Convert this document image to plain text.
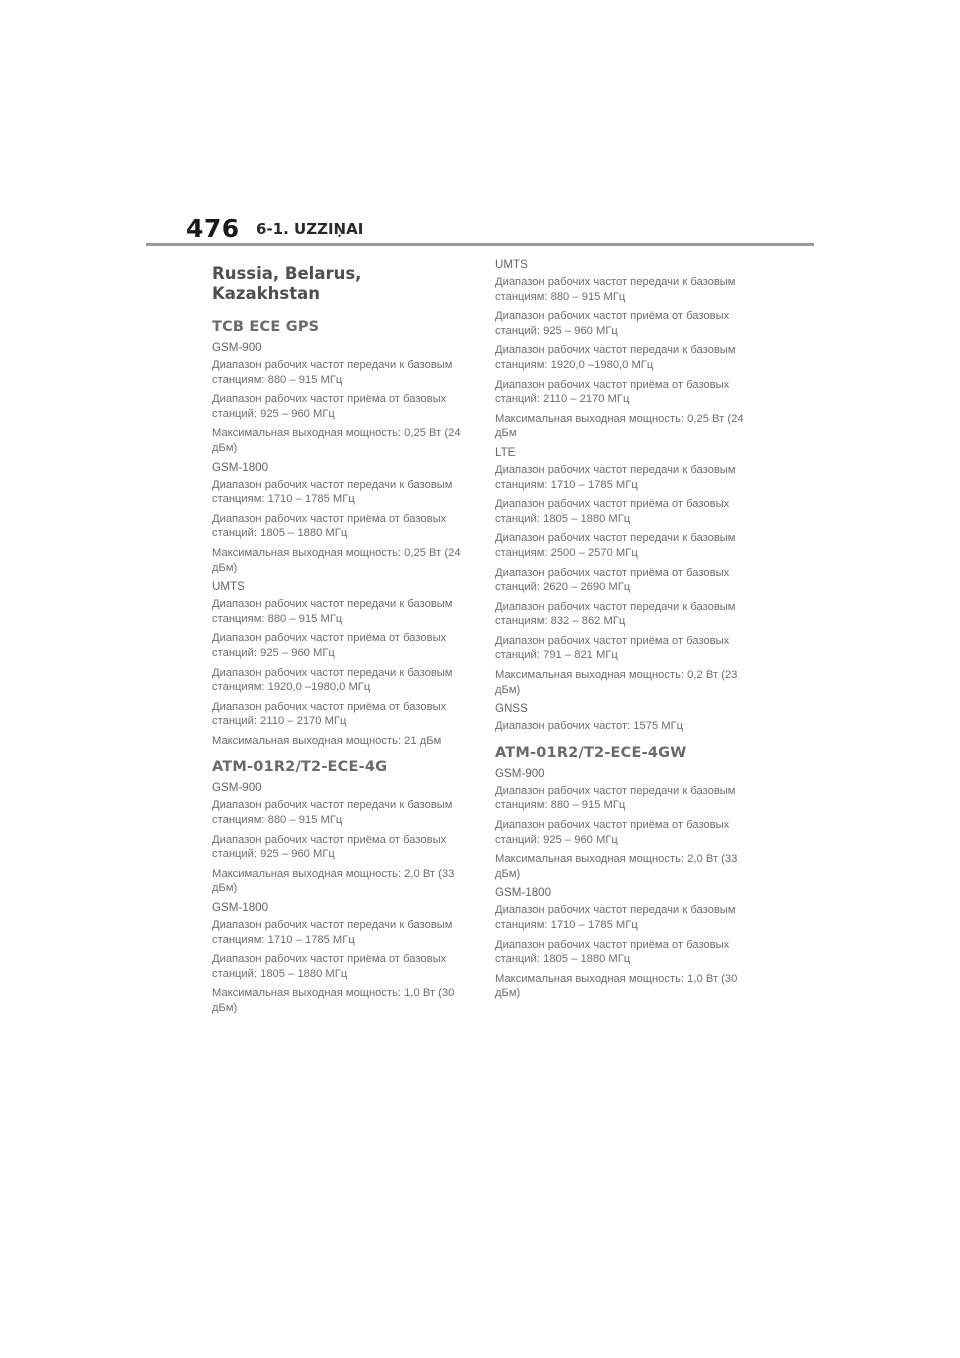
476 6-1. UZZIŅAI
Russia, Belarus, Kazakhstan
TCB ECE GPS
GSM-900
Диапазон рабочих частот передачи к базовым станциям: 880 – 915 МГц
Диапазон рабочих частот приёма от базовых станций: 925 – 960 МГц
Максимальная выходная мощность: 0,25 Вт (24 дБм)
GSM-1800
Диапазон рабочих частот передачи к базовым станциям: 1710 – 1785 МГц
Диапазон рабочих частот приёма от базовых станций: 1805 – 1880 МГц
Максимальная выходная мощность: 0,25 Вт (24 дБм)
UMTS
Диапазон рабочих частот передачи к базовым станциям: 880 – 915 МГц
Диапазон рабочих частот приёма от базовых станций: 925 – 960 МГц
Диапазон рабочих частот передачи к базовым станциям: 1920,0 –1980,0 МГц
Диапазон рабочих частот приёма от базовых станций: 2110 – 2170 МГц
Максимальная выходная мощность: 21 дБм
ATM-01R2/T2-ECE-4G
GSM-900
Диапазон рабочих частот передачи к базовым станциям: 880 – 915 МГц
Диапазон рабочих частот приёма от базовых станций: 925 – 960 МГц
Максимальная выходная мощность: 2,0 Вт (33 дБм)
GSM-1800
Диапазон рабочих частот передачи к базовым станциям: 1710 – 1785 МГц
Диапазон рабочих частот приёма от базовых станций: 1805 – 1880 МГц
Максимальная выходная мощность: 1,0 Вт (30 дБм)
UMTS
Диапазон рабочих частот передачи к базовым станциям: 880 – 915 МГц
Диапазон рабочих частот приёма от базовых станций: 925 – 960 МГц
Диапазон рабочих частот передачи к базовым станциям: 1920,0 –1980,0 МГц
Диапазон рабочих частот приёма от базовых станций: 2110 – 2170 МГц
Максимальная выходная мощность: 0,25 Вт (24 дБм
LTE
Диапазон рабочих частот передачи к базовым станциям: 1710 – 1785 МГц
Диапазон рабочих частот приёма от базовых станций: 1805 – 1880 МГц
Диапазон рабочих частот передачи к базовым станциям: 2500 – 2570 МГц
Диапазон рабочих частот приёма от базовых станций: 2620 – 2690 МГц
Диапазон рабочих частот передачи к базовым станциям: 832 – 862 МГц
Диапазон рабочих частот приёма от базовых станций: 791 – 821 МГц
Максимальная выходная мощность: 0,2 Вт (23 дБм)
GNSS
Диапазон рабочих частот: 1575 МГц
ATM-01R2/T2-ECE-4GW
GSM-900
Диапазон рабочих частот передачи к базовым станциям: 880 – 915 МГц
Диапазон рабочих частот приёма от базовых станций: 925 – 960 МГц
Максимальная выходная мощность: 2,0 Вт (33 дБм)
GSM-1800
Диапазон рабочих частот передачи к базовым станциям: 1710 – 1785 МГц
Диапазон рабочих частот приёма от базовых станций: 1805 – 1880 МГц
Максимальная выходная мощность: 1,0 Вт (30 дБм)
